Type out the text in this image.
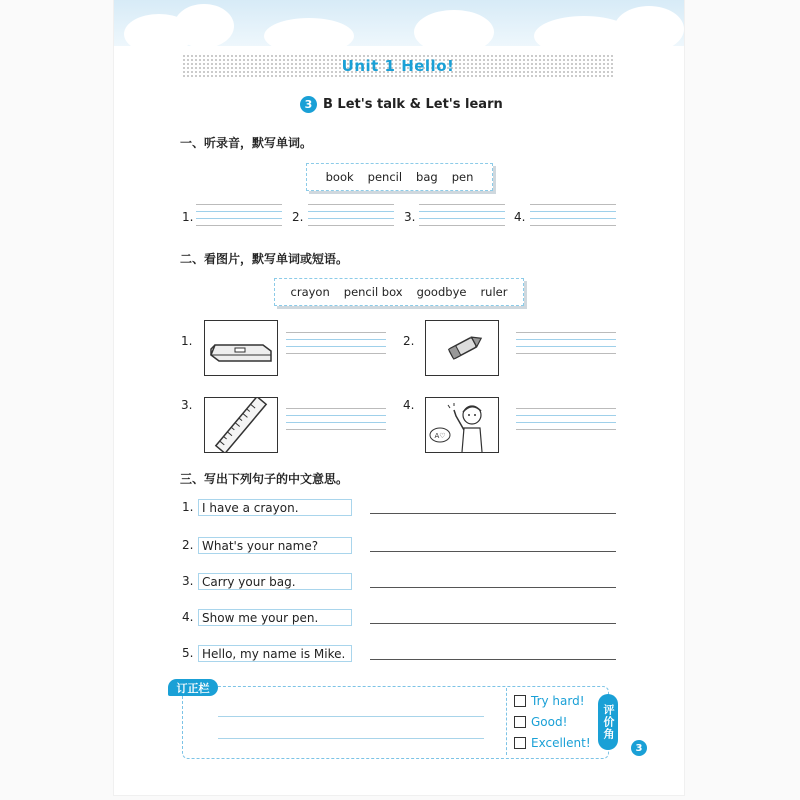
Unit 1 Hello!
3 B Let's talk & Let's learn
一、听录音，默写单词。
book pencil bag pen
1.	2.	3.	4.
二、看图片，默写单词或短语。
crayon pencil box goodbye ruler
1.	2.
3.	4.
A♡
三、写出下列句子的中文意思。
1. I have a crayon.
2. What's your name?
3. Carry your bag.
4. Show me your pen.
5. Hello, my name is Mike.
订正栏
Try hard!
Good!
Excellent!
评价角
3
